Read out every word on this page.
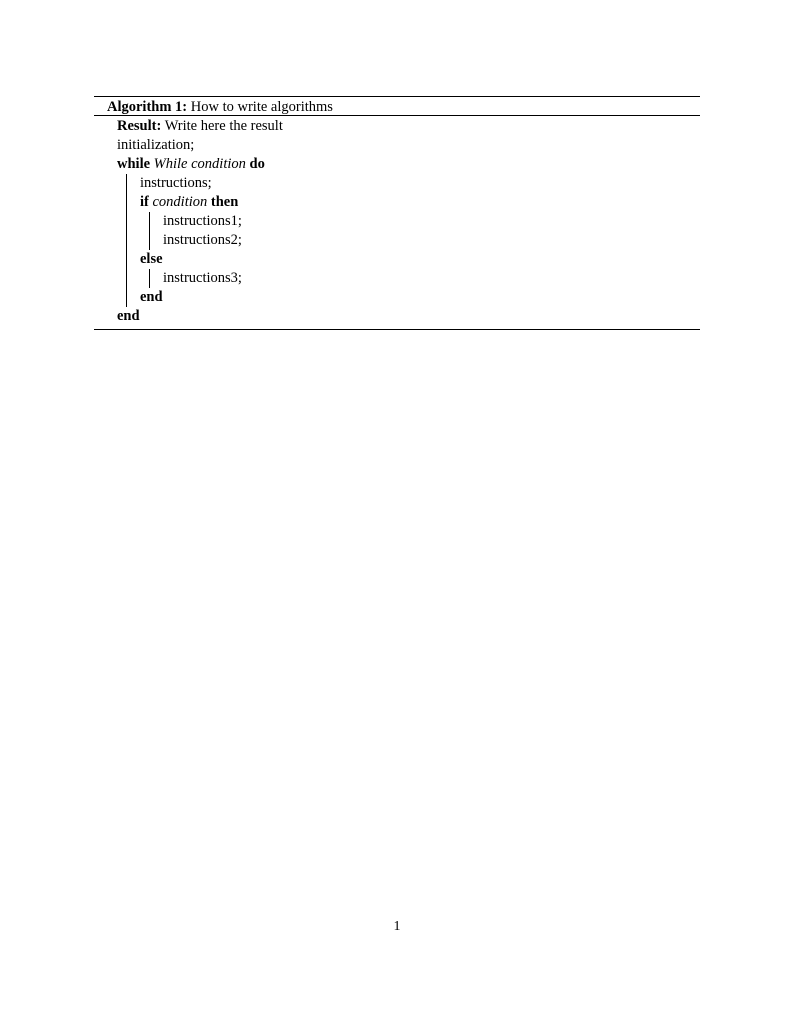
Algorithm 1: How to write algorithms
Result: Write here the result
initialization;
while While condition do
instructions;
if condition then
instructions1;
instructions2;
else
instructions3;
end
end
1
